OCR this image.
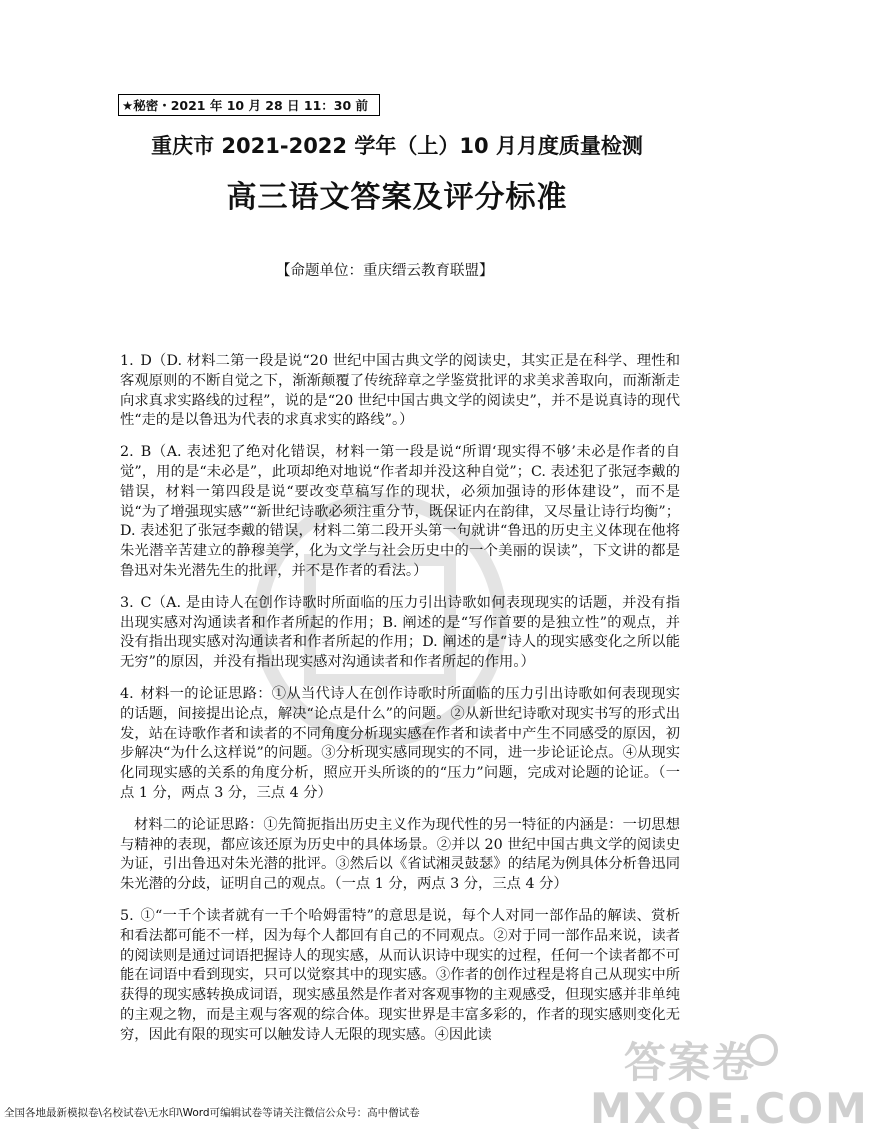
★秘密・2021 年 10 月 28 日 11：30 前
重庆市 2021-2022 学年（上）10 月月度质量检测
高三语文答案及评分标准
【命题单位：重庆缙云教育联盟】
1. D（D. 材料二第一段是说“20 世纪中国古典文学的阅读史，其实正是在科学、理性和客观原则的不断自觉之下，渐渐颠覆了传统辞章之学鉴赏批评的求美求善取向，而渐渐走向求真求实路线的过程”，说的是“20 世纪中国古典文学的阅读史”，并不是说真诗的现代性“走的是以鲁迅为代表的求真求实的路线”。）
2. B（A. 表述犯了绝对化错误，材料一第一段是说“所谓‘现实得不够’未必是作者的自觉”，用的是“未必是”，此项却绝对地说“作者却并没这种自觉”；C. 表述犯了张冠李戴的错误，材料一第四段是说“要改变草稿写作的现状，必须加强诗的形体建设”，而不是说“为了增强现实感”“新世纪诗歌必须注重分节，既保证内在韵律，又尽量让诗行均衡”；D. 表述犯了张冠李戴的错误，材料二第二段开头第一句就讲“鲁迅的历史主义体现在他将朱光潜辛苦建立的静穆美学，化为文学与社会历史中的一个美丽的误读”，下文讲的都是鲁迅对朱光潜先生的批评，并不是作者的看法。）
3. C（A. 是由诗人在创作诗歌时所面临的压力引出诗歌如何表现现实的话题，并没有指出现实感对沟通读者和作者所起的作用；B. 阐述的是“写作首要的是独立性”的观点，并没有指出现实感对沟通读者和作者所起的作用；D. 阐述的是“诗人的现实感变化之所以能无穷”的原因，并没有指出现实感对沟通读者和作者所起的作用。）
4. 材料一的论证思路：①从当代诗人在创作诗歌时所面临的压力引出诗歌如何表现现实的话题，间接提出论点，解决“论点是什么”的问题。②从新世纪诗歌对现实书写的形式出发，站在诗歌作者和读者的不同角度分析现实感在作者和读者中产生不同感受的原因，初步解决“为什么这样说”的问题。③分析现实感同现实的不同，进一步论证论点。④从现实化同现实感的关系的角度分析，照应开头所谈的的“压力”问题，完成对论题的论证。（一点 1 分，两点 3 分，三点 4 分）
材料二的论证思路：①先简扼指出历史主义作为现代性的另一特征的内涵是：一切思想与精神的表现，都应该还原为历史中的具体场景。②并以 20 世纪中国古典文学的阅读史为证，引出鲁迅对朱光潜的批评。③然后以《省试湘灵鼓瑟》的结尾为例具体分析鲁迅同朱光潜的分歧，证明自己的观点。（一点 1 分，两点 3 分，三点 4 分）
5. ①“一千个读者就有一千个哈姆雷特”的意思是说，每个人对同一部作品的解读、赏析和看法都可能不一样，因为每个人都回有自己的不同观点。②对于同一部作品来说，读者的阅读则是通过词语把握诗人的现实感，从而认识诗中现实的过程，任何一个读者都不可能在词语中看到现实，只可以觉察其中的现实感。③作者的创作过程是将自己从现实中所获得的现实感转换成词语，现实感虽然是作者对客观事物的主观感受，但现实感并非单纯的主观之物，而是主观与客观的综合体。现实世界是丰富多彩的，作者的现实感则变化无穷，因此有限的现实可以触发诗人无限的现实感。④因此读
答案卷 MXQE.COM
全国各地最新模拟卷\名校试卷\无水印\Word可编辑试卷等请关注微信公众号：高中僧试卷
